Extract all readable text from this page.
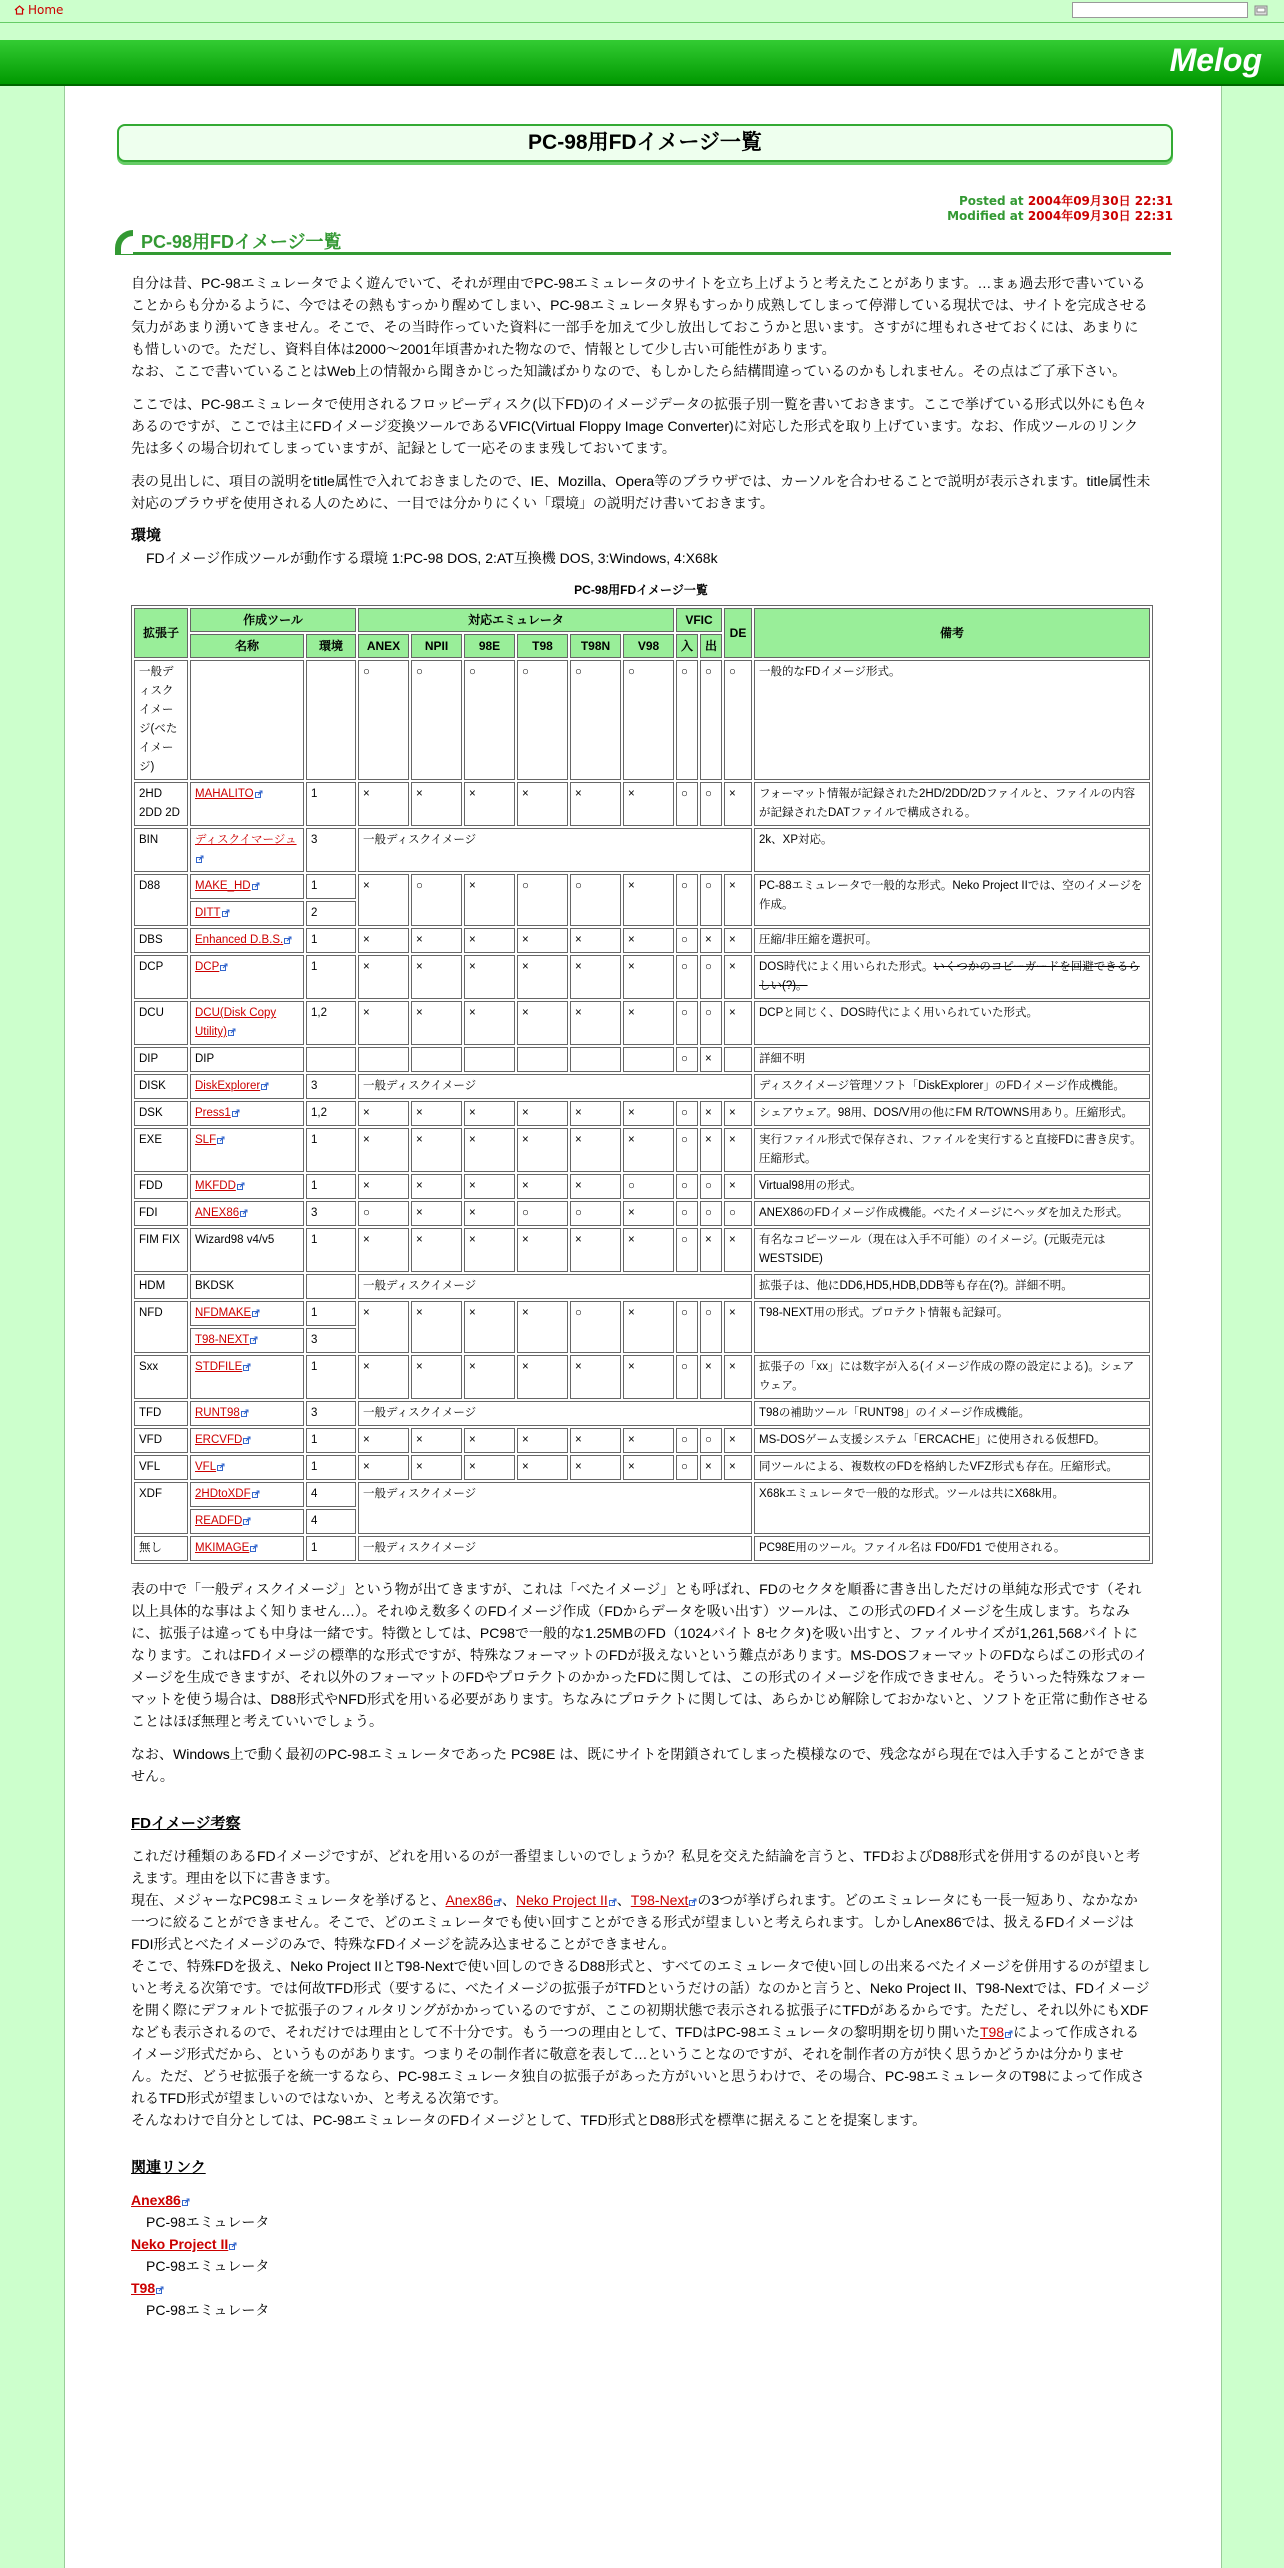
Home
Melog
PC-98用FDイメージ一覧
Posted at 2004年09月30日 22:31
Modified at 2004年09月30日 22:31
PC-98用FDイメージ一覧

自分は昔、PC-98エミュレータでよく遊んでいて、それが理由でPC-98エミュレータのサイトを立ち上げようと考えたことがあります。…まぁ過去形で書いていることからも分かるように、今ではその熱もすっかり醒めてしまい、PC-98エミュレータ界もすっかり成熟してしまって停滞している現状では、サイトを完成させる気力があまり湧いてきません。そこで、その当時作っていた資料に一部手を加えて少し放出しておこうかと思います。さすがに埋もれさせておくには、あまりにも惜しいので。ただし、資料自体は2000～2001年頃書かれた物なので、情報として少し古い可能性があります。
なお、ここで書いていることはWeb上の情報から聞きかじった知識ばかりなので、もしかしたら結構間違っているのかもしれません。その点はご了承下さい。

ここでは、PC-98エミュレータで使用されるフロッピーディスク(以下FD)のイメージデータの拡張子別一覧を書いておきます。ここで挙げている形式以外にも色々あるのですが、ここでは主にFDイメージ変換ツールであるVFIC(Virtual Floppy Image Converter)に対応した形式を取り上げています。なお、作成ツールのリンク先は多くの場合切れてしまっていますが、記録として一応そのまま残しておいてます。

表の見出しに、項目の説明をtitle属性で入れておきましたので、IE、Mozilla、Opera等のブラウザでは、カーソルを合わせることで説明が表示されます。title属性未対応のブラウザを使用される人のために、一目では分かりにくい「環境」の説明だけ書いておきます。

環境
FDイメージ作成ツールが動作する環境 1:PC-98 DOS, 2:AT互換機 DOS, 3:Windows, 4:X68k
PC-98用FDイメージ一覧
拡張子	作成ツール		対応エミュレータ						VFIC		DE	備考
	名称	環境	ANEX	NPII	98E	T98	T98N	V98	入	出		
一般ディスクイメージ(べたイメージ)			○	○	○	○	○	○	○	○	○	一般的なFDイメージ形式。
2HD 2DD 2D	MAHALITO	1	×	×	×	×	×	×	○	○	×	フォーマット情報が記録された2HD/2DD/2Dファイルと、ファイルの内容が記録されたDATファイルで構成される。
BIN	ディスクイマージュ	3	一般ディスクイメージ									2k、XP対応。
D88	MAKE_HD	1	×	○	×	○	○	×	○	○	×	PC-88エミュレータで一般的な形式。Neko Project IIでは、空のイメージを作成。
	DITT	2										
DBS	Enhanced D.B.S.	1	×	×	×	×	×	×	○	×	×	圧縮/非圧縮を選択可。
DCP	DCP	1	×	×	×	×	×	×	○	○	×	DOS時代によく用いられた形式。いくつかのコピーガードを回避できるらしい(?)。
DCU	DCU(Disk Copy Utility)	1,2	×	×	×	×	×	×	○	○	×	DCPと同じく、DOS時代によく用いられていた形式。
DIP	DIP								○	×		詳細不明
DISK	DiskExplorer	3	一般ディスクイメージ									ディスクイメージ管理ソフト「DiskExplorer」のFDイメージ作成機能。
DSK	Press1	1,2	×	×	×	×	×	×	○	×	×	シェアウェア。98用、DOS/V用の他にFM R/TOWNS用あり。圧縮形式。
EXE	SLF	1	×	×	×	×	×	×	○	×	×	実行ファイル形式で保存され、ファイルを実行すると直接FDに書き戻す。圧縮形式。
FDD	MKFDD	1	×	×	×	×	×	○	○	○	×	Virtual98用の形式。
FDI	ANEX86	3	○	×	×	○	○	×	○	○	○	ANEX86のFDイメージ作成機能。べたイメージにヘッダを加えた形式。
FIM FIX	Wizard98 v4/v5	1	×	×	×	×	×	×	○	×	×	有名なコピーツール（現在は入手不可能）のイメージ。(元販売元はWESTSIDE)
HDM	BKDSK		一般ディスクイメージ									拡張子は、他にDD6,HD5,HDB,DDB等も存在(?)。詳細不明。
NFD	NFDMAKE	1	×	×	×	×	○	×	○	○	×	T98-NEXT用の形式。プロテクト情報も記録可。
	T98-NEXT	3										
Sxx	STDFILE	1	×	×	×	×	×	×	○	×	×	拡張子の「xx」には数字が入る(イメージ作成の際の設定による)。シェアウェア。
TFD	RUNT98	3	一般ディスクイメージ									T98の補助ツール「RUNT98」のイメージ作成機能。
VFD	ERCVFD	1	×	×	×	×	×	×	○	○	×	MS-DOSゲーム支援システム「ERCACHE」に使用される仮想FD。
VFL	VFL	1	×	×	×	×	×	×	○	×	×	同ツールによる、複数枚のFDを格納したVFZ形式も存在。圧縮形式。
XDF	2HDtoXDF	4	一般ディスクイメージ									X68kエミュレータで一般的な形式。ツールは共にX68k用。
	READFD	4										
無し	MKIMAGE	1	一般ディスクイメージ									PC98E用のツール。ファイル名は FD0/FD1 で使用される。

表の中で「一般ディスクイメージ」という物が出てきますが、これは「べたイメージ」とも呼ばれ、FDのセクタを順番に書き出しただけの単純な形式です（それ以上具体的な事はよく知りません…）。それゆえ数多くのFDイメージ作成（FDからデータを吸い出す）ツールは、この形式のFDイメージを生成します。ちなみに、拡張子は違っても中身は一緒です。特徴としては、PC98で一般的な1.25MBのFD（1024バイト 8セクタ)を吸い出すと、ファイルサイズが1,261,568バイトになります。これはFDイメージの標準的な形式ですが、特殊なフォーマットのFDが扱えないという難点があります。MS-DOSフォーマットのFDならばこの形式のイメージを生成できますが、それ以外のフォーマットのFDやプロテクトのかかったFDに関しては、この形式のイメージを作成できません。そういった特殊なフォーマットを使う場合は、D88形式やNFD形式を用いる必要があります。ちなみにプロテクトに関しては、あらかじめ解除しておかないと、ソフトを正常に動作させることはほぼ無理と考えていいでしょう。

なお、Windows上で動く最初のPC-98エミュレータであった PC98E は、既にサイトを閉鎖されてしまった模様なので、残念ながら現在では入手することができません。

FDイメージ考察
これだけ種類のあるFDイメージですが、どれを用いるのが一番望ましいのでしょうか？私見を交えた結論を言うと、TFDおよびD88形式を併用するのが良いと考えます。理由を以下に書きます。
現在、メジャーなPC98エミュレータを挙げると、Anex86 、Neko Project II 、T98-Next の3つが挙げられます。どのエミュレータにも一長一短あり、なかなか一つに絞ることができません。そこで、どのエミュレータでも使い回すことができる形式が望ましいと考えられます。しかしAnex86では、扱えるFDイメージはFDI形式とべたイメージのみで、特殊なFDイメージを読み込ませることができません。
そこで、特殊FDを扱え、Neko Project IIとT98-Nextで使い回しのできるD88形式と、すべてのエミュレータで使い回しの出来るべたイメージを併用するのが望ましいと考える次第です。では何故TFD形式（要するに、べたイメージの拡張子がTFDというだけの話）なのかと言うと、Neko Project II、T98-Nextでは、FDイメージを開く際にデフォルトで拡張子のフィルタリングがかかっているのですが、ここの初期状態で表示される拡張子にTFDがあるからです。ただし、それ以外にもXDFなども表示されるので、それだけでは理由として不十分です。もう一つの理由として、TFDはPC-98エミュレータの黎明期を切り開いたT98 によって作成されるイメージ形式だから、というものがあります。つまりその制作者に敬意を表して…ということなのですが、それを制作者の方が快く思うかどうかは分かりません。ただ、どうせ拡張子を統一するなら、PC-98エミュレータ独自の拡張子があった方がいいと思うわけで、その場合、PC-98エミュレータのT98によって作成されるTFD形式が望ましいのではないか、と考える次第です。
そんなわけで自分としては、PC-98エミュレータのFDイメージとして、TFD形式とD88形式を標準に据えることを提案します。
関連リンク
Anex86
PC-98エミュレータ
Neko Project II
PC-98エミュレータ
T98
PC-98エミュレータ
